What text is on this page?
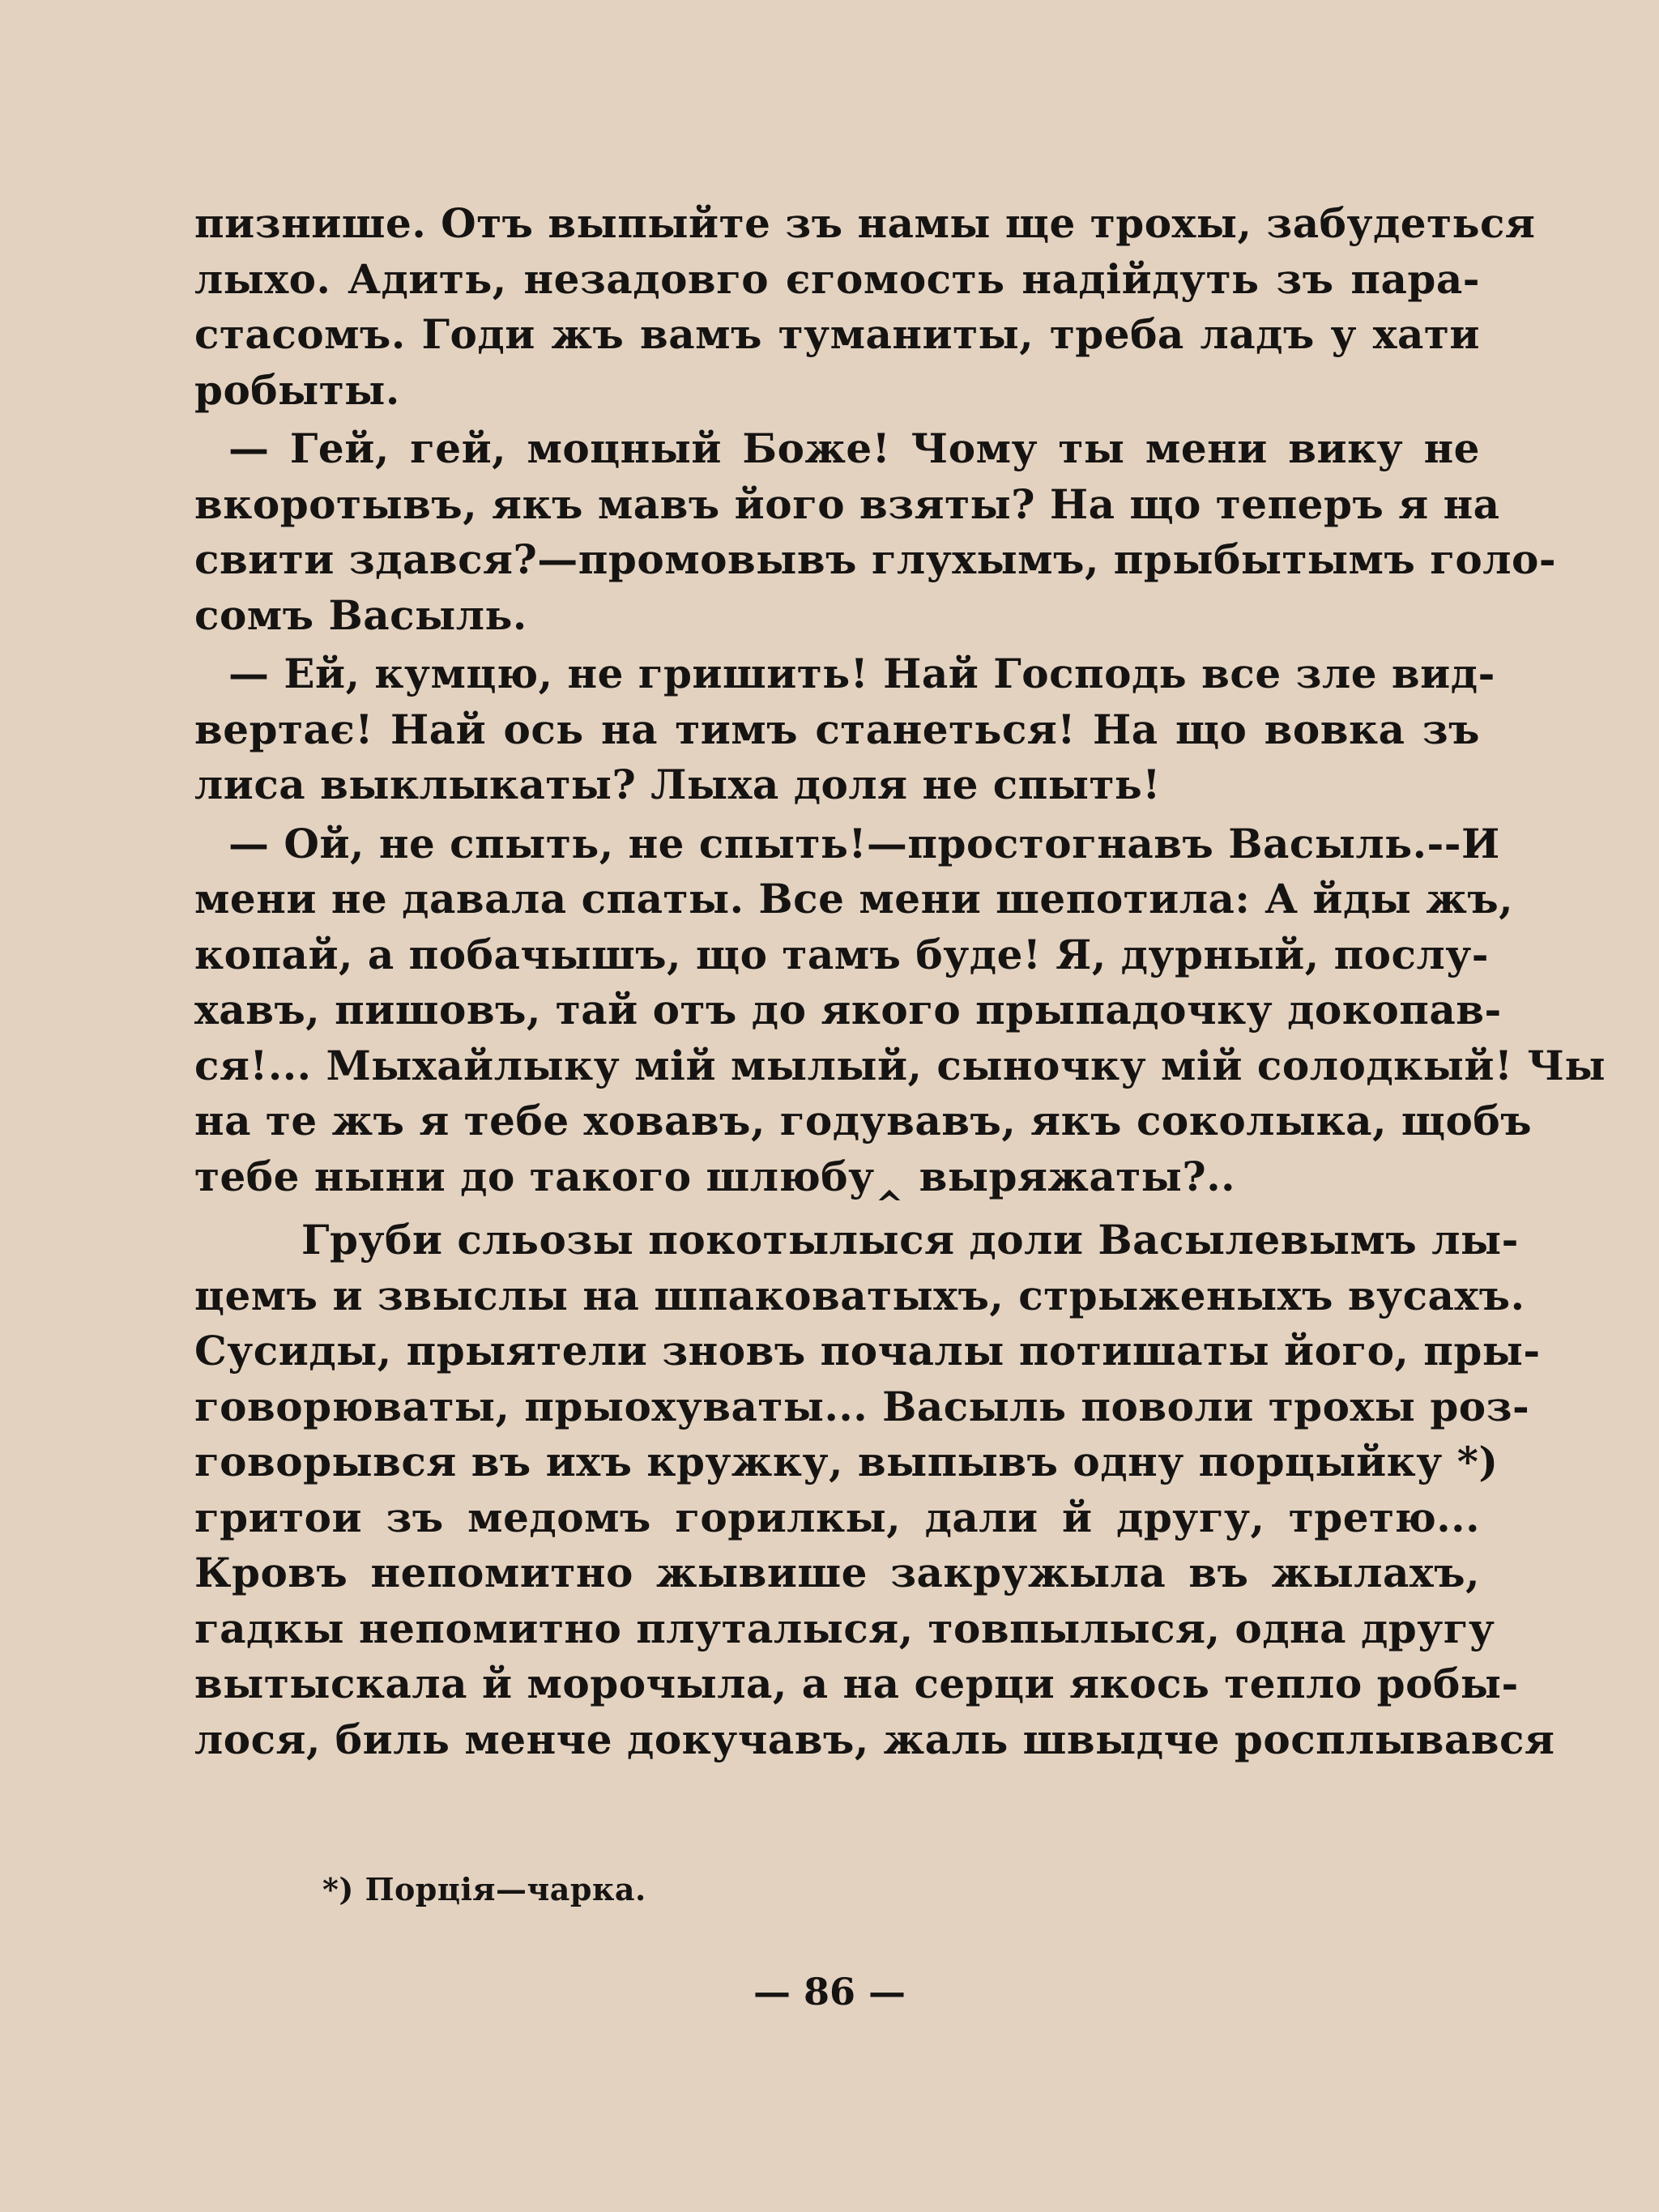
пизнише. Отъ выпыйте зъ намы ще трохы, забудеться
лыхо. Адить, незадовго єгомость надійдуть зъ пара-
стасомъ. Годи жъ вамъ туманиты, треба ладъ у хати
робыты.
— Гей, гей, моцный Боже! Чому ты мени вику не
вкоротывъ, якъ мавъ його взяты? На що теперъ я на
свити здався?—промовывъ глухымъ, прыбытымъ голо-
сомъ Васыль.
— Ей, кумцю, не гришить! Най Господь все зле вид-
вертає! Най ось на тимъ станеться! На що вовка зъ
лиса выклыкаты? Лыха доля не спыть!
— Ой, не спыть, не спыть!—простогнавъ Васыль.--И
мени не давала спаты. Все мени шепотила: А йды жъ,
копай, а побачышъ, що тамъ буде! Я, дурный, послу-
хавъ, пишовъ, тай отъ до якого прыпадочку докопав-
ся!... Мыхайлыку мій мылый, сыночку мій солодкый! Чы
на те жъ я тебе ховавъ, годувавъ, якъ соколыка, щобъ
тебе ныни до такого шлюбу‸ выряжаты?..
Груби сльозы покотылыся доли Васылевымъ лы-
цемъ и звыслы на шпаковатыхъ, стрыженыхъ вусахъ.
Сусиды, прыятели зновъ почалы потишаты його, пры-
говорюваты, прыохуваты... Васыль поволи трохы роз-
говорывся въ ихъ кружку, выпывъ одну порцыйку *)
гритои зъ медомъ горилкы, дали й другу, третю...
Кровъ непомитно жывише закружыла въ жылахъ,
гадкы непомитно плуталыся, товпылыся, одна другу
вытыскала й морочыла, а на серци якось тепло робы-
лося, биль менче докучавъ, жаль швыдче росплывався
*) Порція—чарка.
— 86 —
